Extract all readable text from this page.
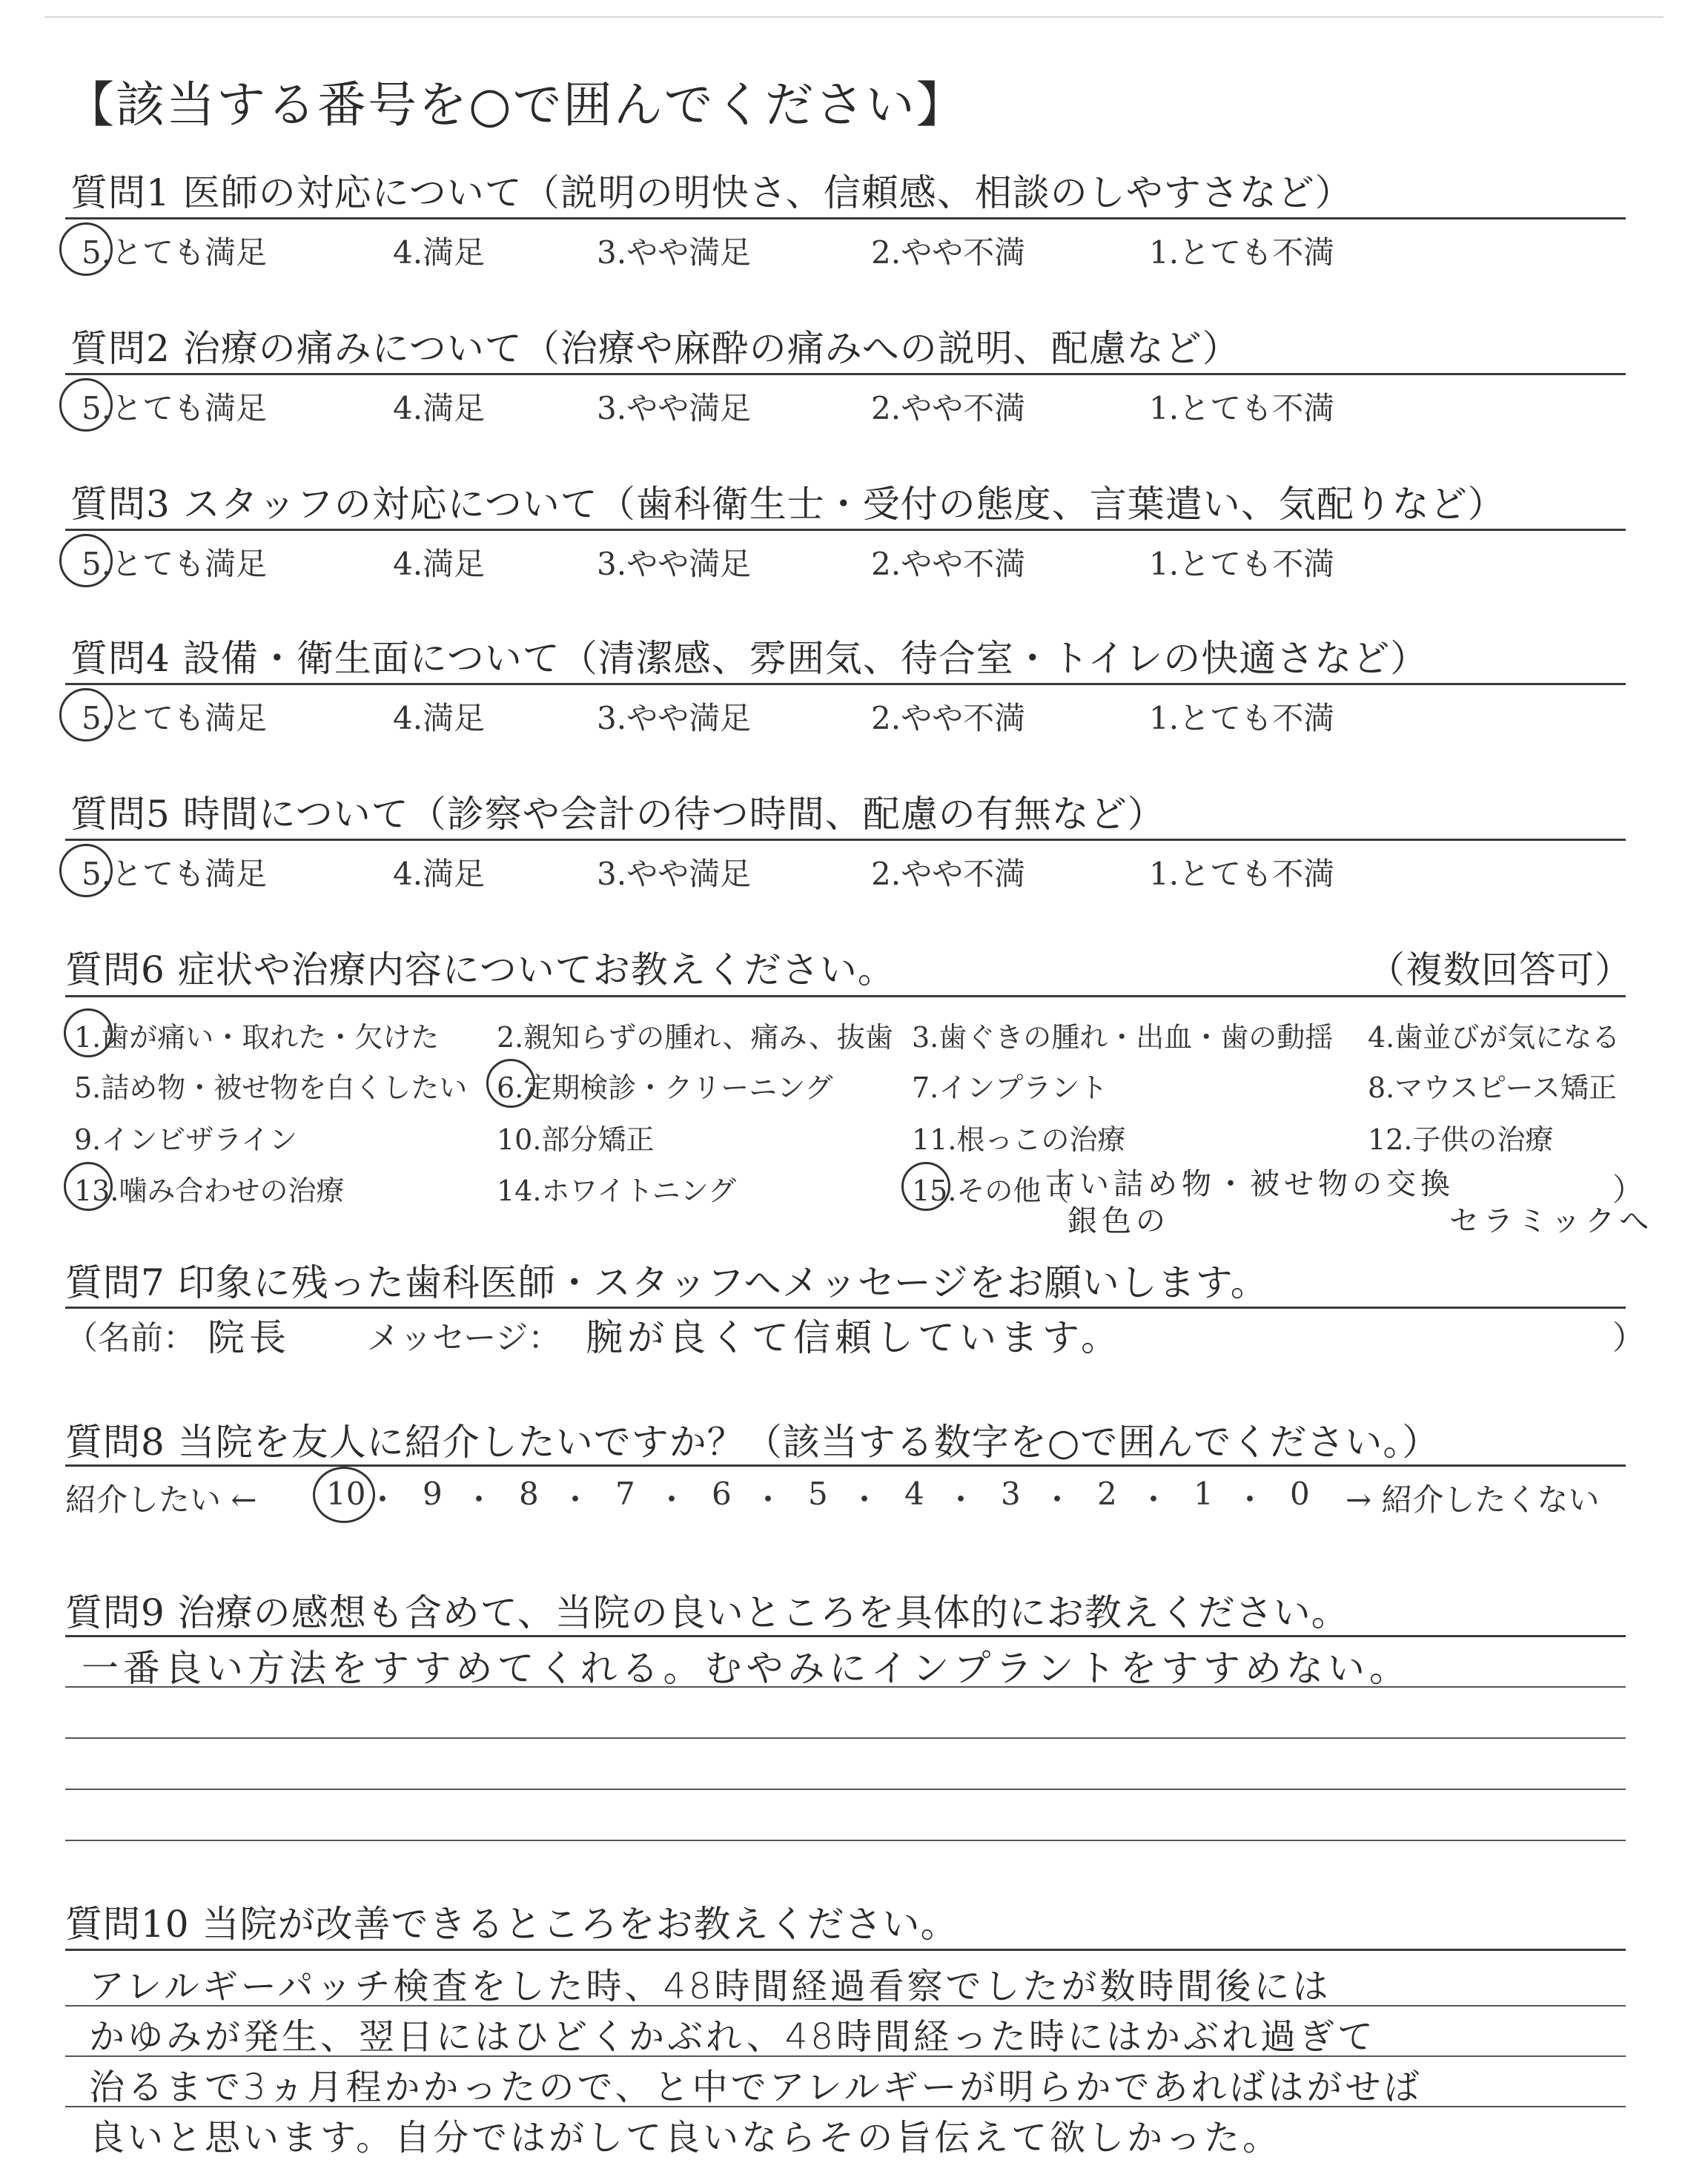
【該当する番号を○で囲んでください】
質問6 症状や治療内容についてお教えください。	（複数回答可）
古い詰め物・被せ物の交換	）
銀色の	セラミックへ
質問7 印象に残った歯科医師・スタッフへメッセージをお願いします。
（名前： 院長 メッセージ： 腕が良くて信頼しています。	）
質問8 当院を友人に紹介したいですか？（該当する数字を○で囲んでください。）
紹介したい ←	→ 紹介したくない
質問9 治療の感想も含めて、当院の良いところを具体的にお教えください。
一番良い方法をすすめてくれる。むやみにインプラントをすすめない。
質問10 当院が改善できるところをお教えください。
質問1 医師の対応について（説明の明快さ、信頼感、相談のしやすさなど）
5.とても満足	4.満足	3.やや満足	2.やや不満	1.とても不満
質問2 治療の痛みについて（治療や麻酔の痛みへの説明、配慮など）
5.とても満足	4.満足	3.やや満足	2.やや不満	1.とても不満
質問3 スタッフの対応について（歯科衛生士・受付の態度、言葉遣い、気配りなど）
5.とても満足	4.満足	3.やや満足	2.やや不満	1.とても不満
質問4 設備・衛生面について（清潔感、雰囲気、待合室・トイレの快適さなど）
5.とても満足	4.満足	3.やや満足	2.やや不満	1.とても不満
質問5 時間について（診察や会計の待つ時間、配慮の有無など）
5.とても満足	4.満足	3.やや満足	2.やや不満	1.とても不満
1.歯が痛い・取れた・欠けた 2.親知らずの腫れ、痛み、抜歯 3.歯ぐきの腫れ・出血・歯の動揺 4.歯並びが気になる
5.詰め物・被せ物を白くしたい 6.定期検診・クリーニング	7.インプラント	8.マウスピース矯正
9.インビザライン	10.部分矯正	11.根っこの治療	12.子供の治療
13.噛み合わせの治療	14.ホワイトニング	15.その他（
10 ・ 9 ・ 8 ・ 7 ・ 6 ・ 5 ・ 4 ・ 3 ・ 2 ・ 1 ・ 0
アレルギーパッチ検査をした時、48時間経過看察でしたが数時間後には
かゆみが発生、翌日にはひどくかぶれ、48時間経った時にはかぶれ過ぎて
治るまで3ヵ月程かかったので、と中でアレルギーが明らかであればはがせば
良いと思います。自分ではがして良いならその旨伝えて欲しかった。
